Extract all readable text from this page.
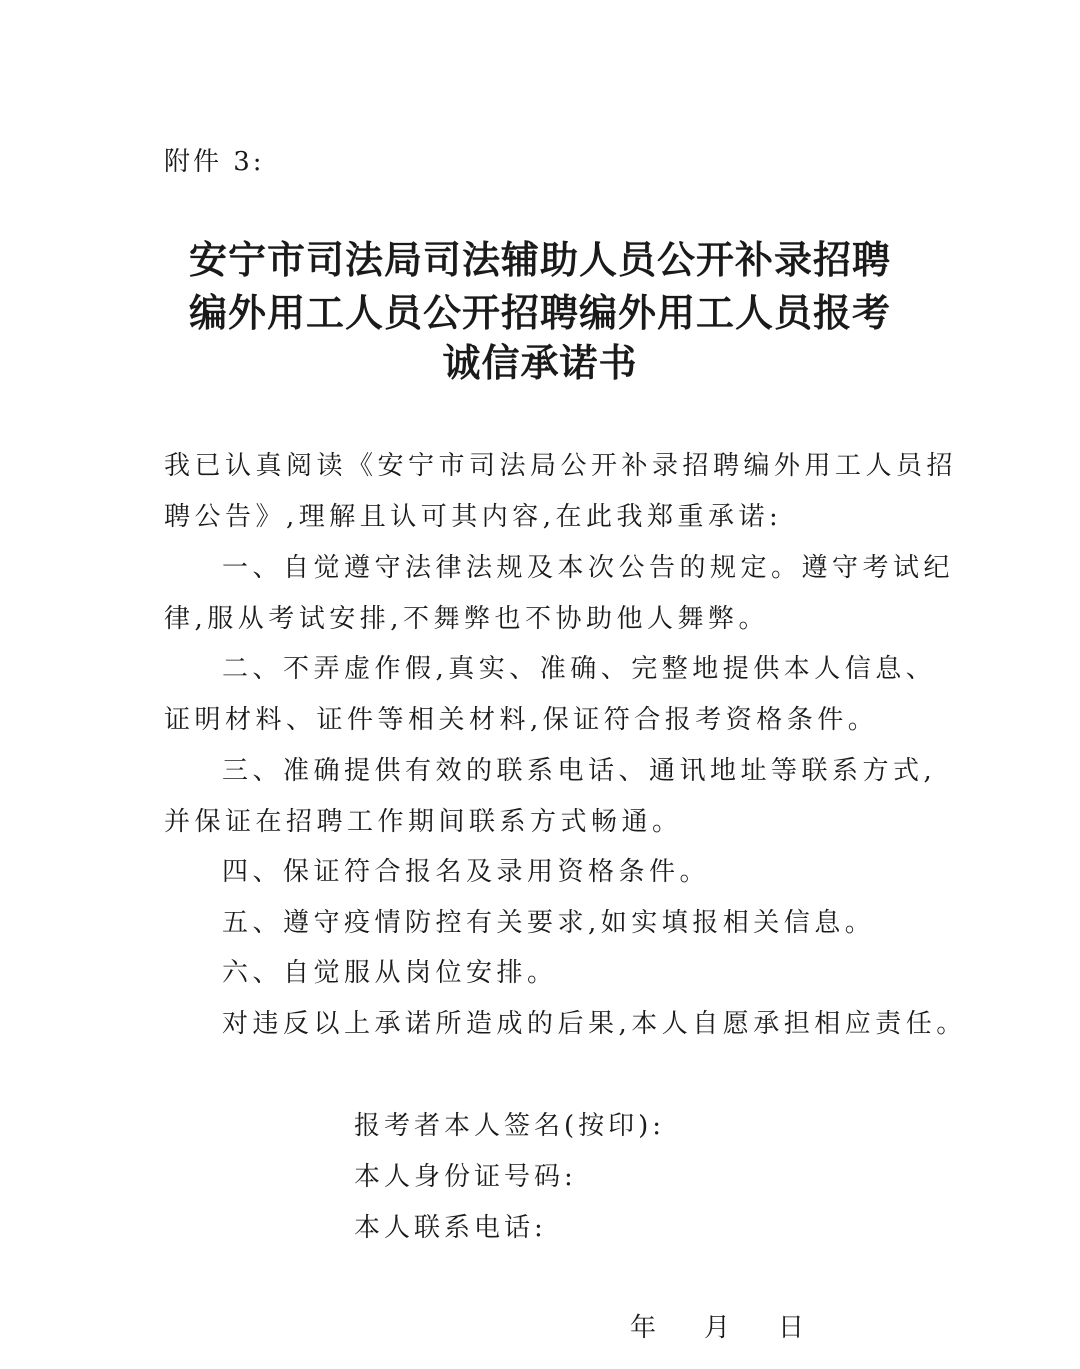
附件 3:
安宁市司法局司法辅助人员公开补录招聘
编外用工人员公开招聘编外用工人员报考
诚信承诺书
我已认真阅读《安宁市司法局公开补录招聘编外用工人员招
聘公告》,理解且认可其内容,在此我郑重承诺:
一、自觉遵守法律法规及本次公告的规定。遵守考试纪
律,服从考试安排,不舞弊也不协助他人舞弊。
二、不弄虚作假,真实、准确、完整地提供本人信息、
证明材料、证件等相关材料,保证符合报考资格条件。
三、准确提供有效的联系电话、通讯地址等联系方式,
并保证在招聘工作期间联系方式畅通。
四、保证符合报名及录用资格条件。
五、遵守疫情防控有关要求,如实填报相关信息。
六、自觉服从岗位安排。
对违反以上承诺所造成的后果,本人自愿承担相应责任。
报考者本人签名(按印):
本人身份证号码:
本人联系电话:
年 月 日
